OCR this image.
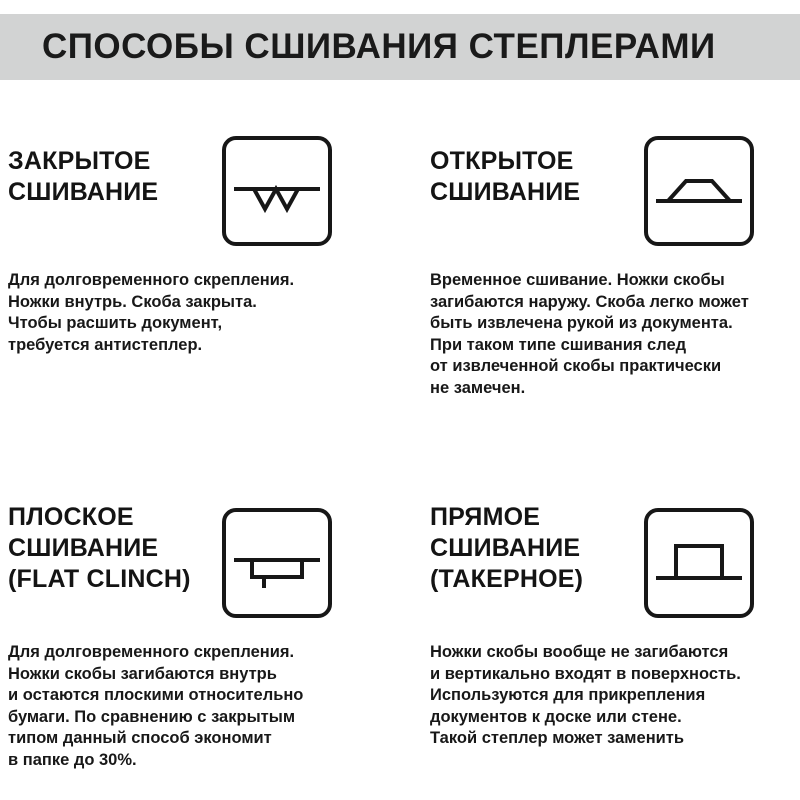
СПОСОБЫ СШИВАНИЯ СТЕПЛЕРАМИ
ЗАКРЫТОЕ
СШИВАНИЕ
Для долговременного скрепления.
Ножки внутрь. Скоба закрыта.
Чтобы расшить документ,
требуется антистеплер.
ОТКРЫТОЕ
СШИВАНИЕ
Временное сшивание. Ножки скобы
загибаются наружу. Скоба легко может
быть извлечена рукой из документа.
При таком типе сшивания след
от извлеченной скобы практически
не замечен.
ПЛОСКОЕ
СШИВАНИЕ
(FLAT CLINCH)
Для долговременного скрепления.
Ножки скобы загибаются внутрь
и остаются плоскими относительно
бумаги. По сравнению с закрытым
типом данный способ экономит
в папке до 30%.
ПРЯМОЕ
СШИВАНИЕ
(ТАКЕРНОЕ)
Ножки скобы вообще не загибаются
и вертикально входят в поверхность.
Используются для прикрепления
документов к доске или стене.
Такой степлер может заменить
